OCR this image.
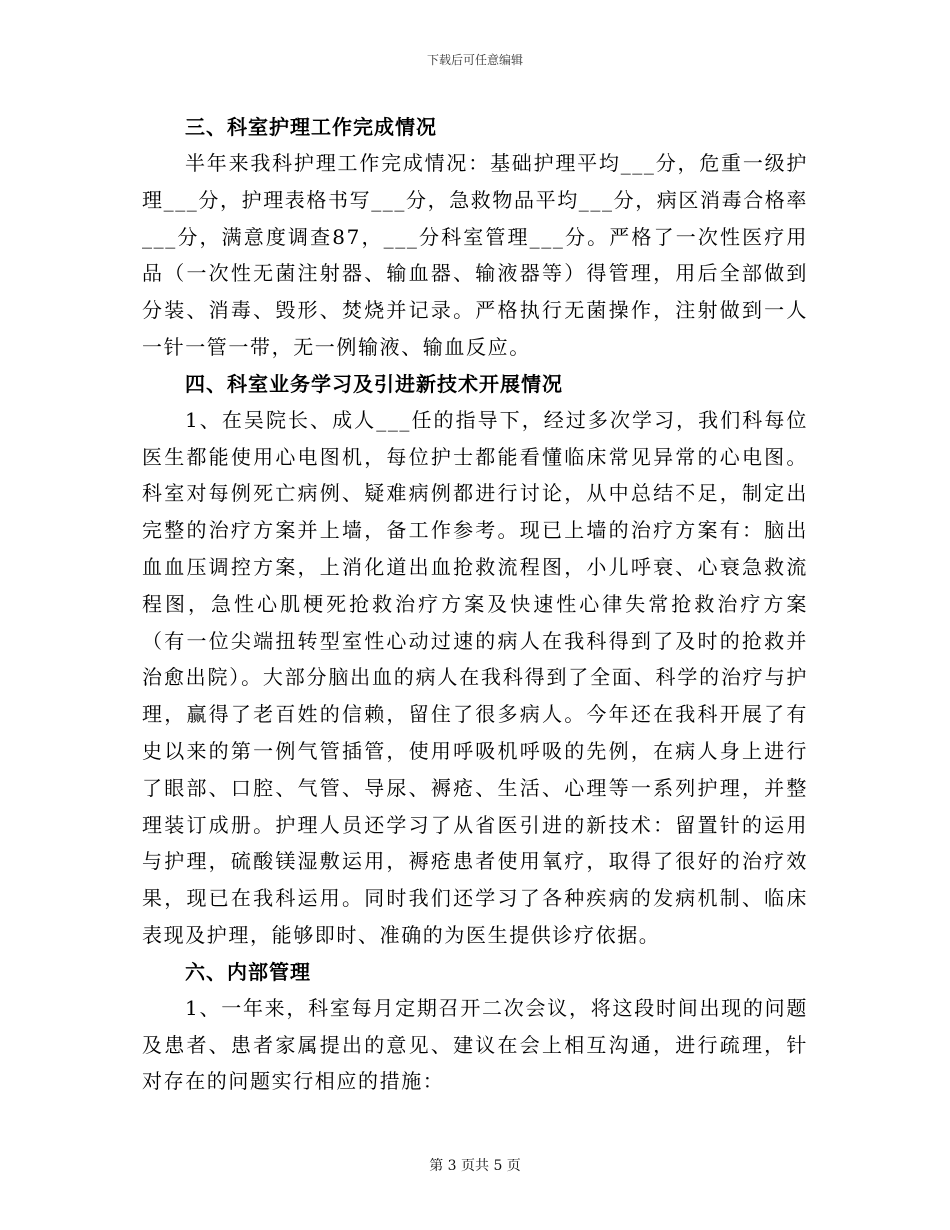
下载后可任意编辑
三、科室护理工作完成情况

半年来我科护理工作完成情况：基础护理平均___分，危重一级护理___分，护理表格书写___分，急救物品平均___分，病区消毒合格率___分，满意度调查87，___分科室管理___分。严格了一次性医疗用品（一次性无菌注射器、输血器、输液器等）得管理，用后全部做到分装、消毒、毁形、焚烧并记录。严格执行无菌操作，注射做到一人一针一管一带，无一例输液、输血反应。

四、科室业务学习及引进新技术开展情况

1、在吴院长、成人___任的指导下，经过多次学习，我们科每位医生都能使用心电图机，每位护士都能看懂临床常见异常的心电图。科室对每例死亡病例、疑难病例都进行讨论，从中总结不足，制定出完整的治疗方案并上墙，备工作参考。现已上墙的治疗方案有：脑出血血压调控方案，上消化道出血抢救流程图，小儿呼衰、心衰急救流程图，急性心肌梗死抢救治疗方案及快速性心律失常抢救治疗方案（有一位尖端扭转型室性心动过速的病人在我科得到了及时的抢救并治愈出院）。大部分脑出血的病人在我科得到了全面、科学的治疗与护理，赢得了老百姓的信赖，留住了很多病人。今年还在我科开展了有史以来的第一例气管插管，使用呼吸机呼吸的先例，在病人身上进行了眼部、口腔、气管、导尿、褥疮、生活、心理等一系列护理，并整理装订成册。护理人员还学习了从省医引进的新技术：留置针的运用与护理，硫酸镁湿敷运用，褥疮患者使用氧疗，取得了很好的治疗效果，现已在我科运用。同时我们还学习了各种疾病的发病机制、临床表现及护理，能够即时、准确的为医生提供诊疗依据。

六、内部管理

1、一年来，科室每月定期召开二次会议，将这段时间出现的问题及患者、患者家属提出的意见、建议在会上相互沟通，进行疏理，针对存在的问题实行相应的措施：

第 3 页共 5 页
